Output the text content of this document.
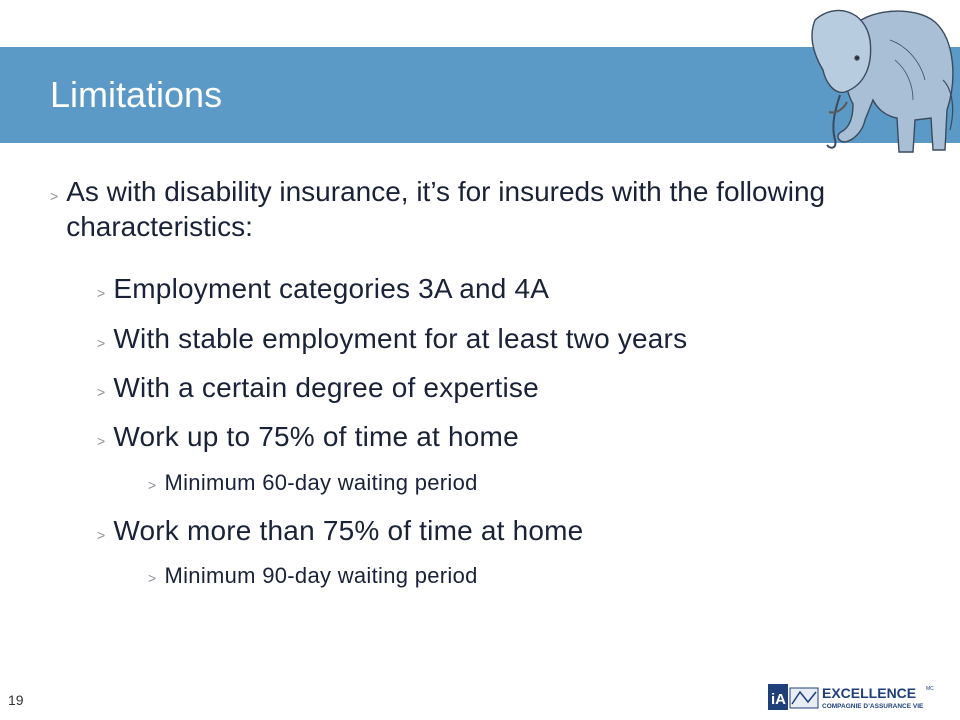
Limitations
> As with disability insurance, it’s for insureds with the following characteristics:
> Employment categories 3A and 4A
> With stable employment for at least two years
> With a certain degree of expertise
> Work up to 75% of time at home
> Minimum 60-day waiting period
> Work more than 75% of time at home
> Minimum 90-day waiting period
19	iA	EXCELLENCE MC
COMPAGNIE D’ASSURANCE VIE
